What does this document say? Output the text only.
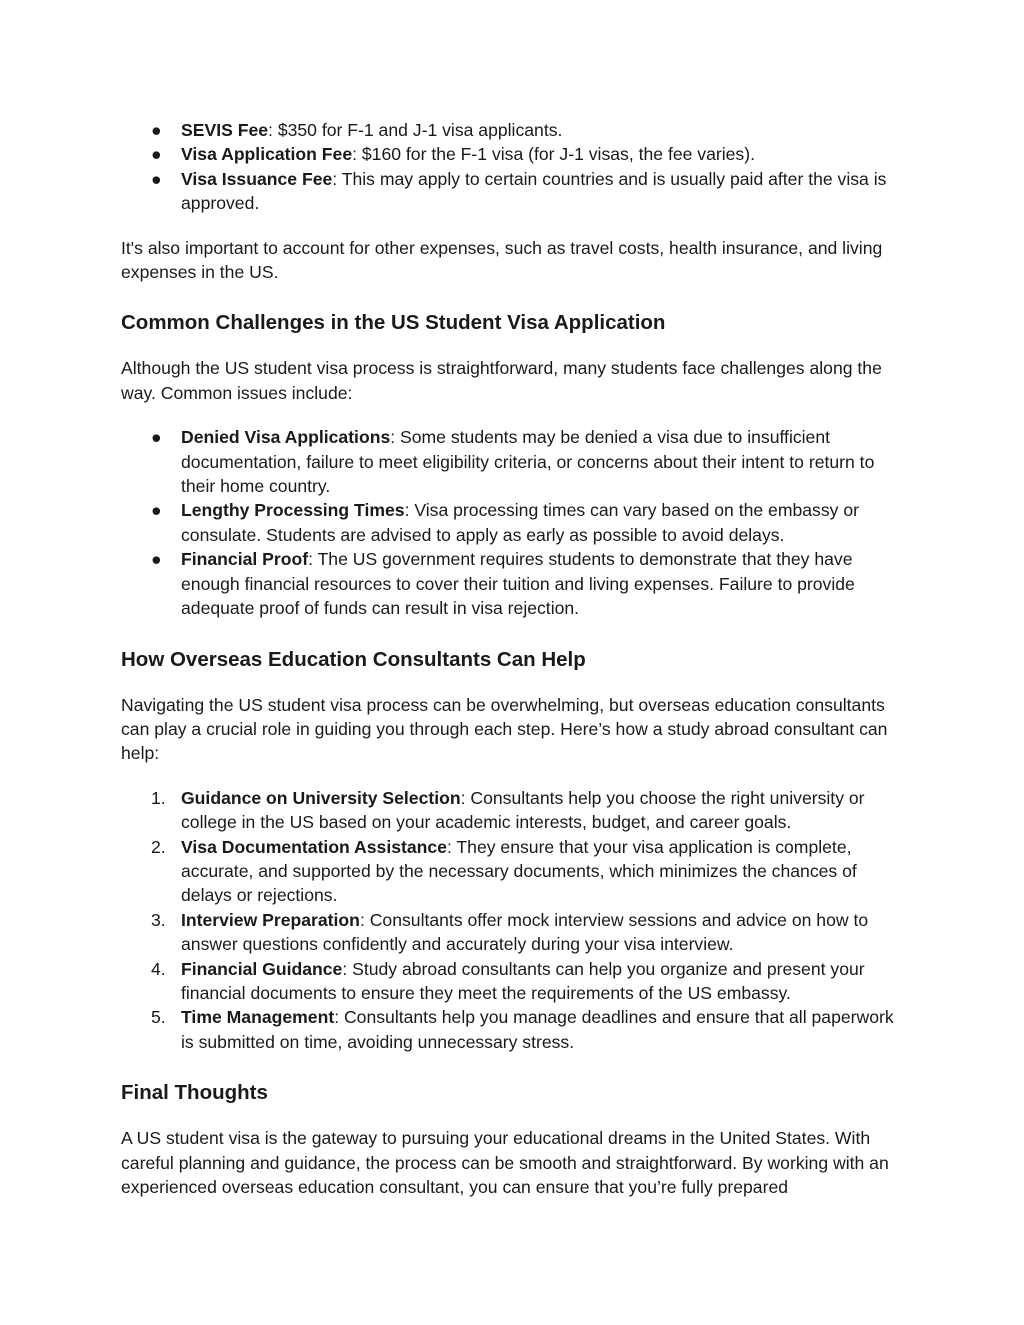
● SEVIS Fee: $350 for F-1 and J-1 visa applicants.
● Visa Application Fee: $160 for the F-1 visa (for J-1 visas, the fee varies).
● Visa Issuance Fee: This may apply to certain countries and is usually paid after the visa is approved.

It's also important to account for other expenses, such as travel costs, health insurance, and living expenses in the US.

Common Challenges in the US Student Visa Application

Although the US student visa process is straightforward, many students face challenges along the way. Common issues include:

● Denied Visa Applications: Some students may be denied a visa due to insufficient documentation, failure to meet eligibility criteria, or concerns about their intent to return to their home country.
● Lengthy Processing Times: Visa processing times can vary based on the embassy or consulate. Students are advised to apply as early as possible to avoid delays.
● Financial Proof: The US government requires students to demonstrate that they have enough financial resources to cover their tuition and living expenses. Failure to provide adequate proof of funds can result in visa rejection.
How Overseas Education Consultants Can Help

Navigating the US student visa process can be overwhelming, but overseas education consultants can play a crucial role in guiding you through each step. Here’s how a study abroad consultant can help:

1. Guidance on University Selection: Consultants help you choose the right university or college in the US based on your academic interests, budget, and career goals.
2. Visa Documentation Assistance: They ensure that your visa application is complete, accurate, and supported by the necessary documents, which minimizes the chances of delays or rejections.
3. Interview Preparation: Consultants offer mock interview sessions and advice on how to answer questions confidently and accurately during your visa interview.
4. Financial Guidance: Study abroad consultants can help you organize and present your financial documents to ensure they meet the requirements of the US embassy.
5. Time Management: Consultants help you manage deadlines and ensure that all paperwork is submitted on time, avoiding unnecessary stress.
Final Thoughts

A US student visa is the gateway to pursuing your educational dreams in the United States. With careful planning and guidance, the process can be smooth and straightforward. By working with an experienced overseas education consultant, you can ensure that you’re fully prepared
